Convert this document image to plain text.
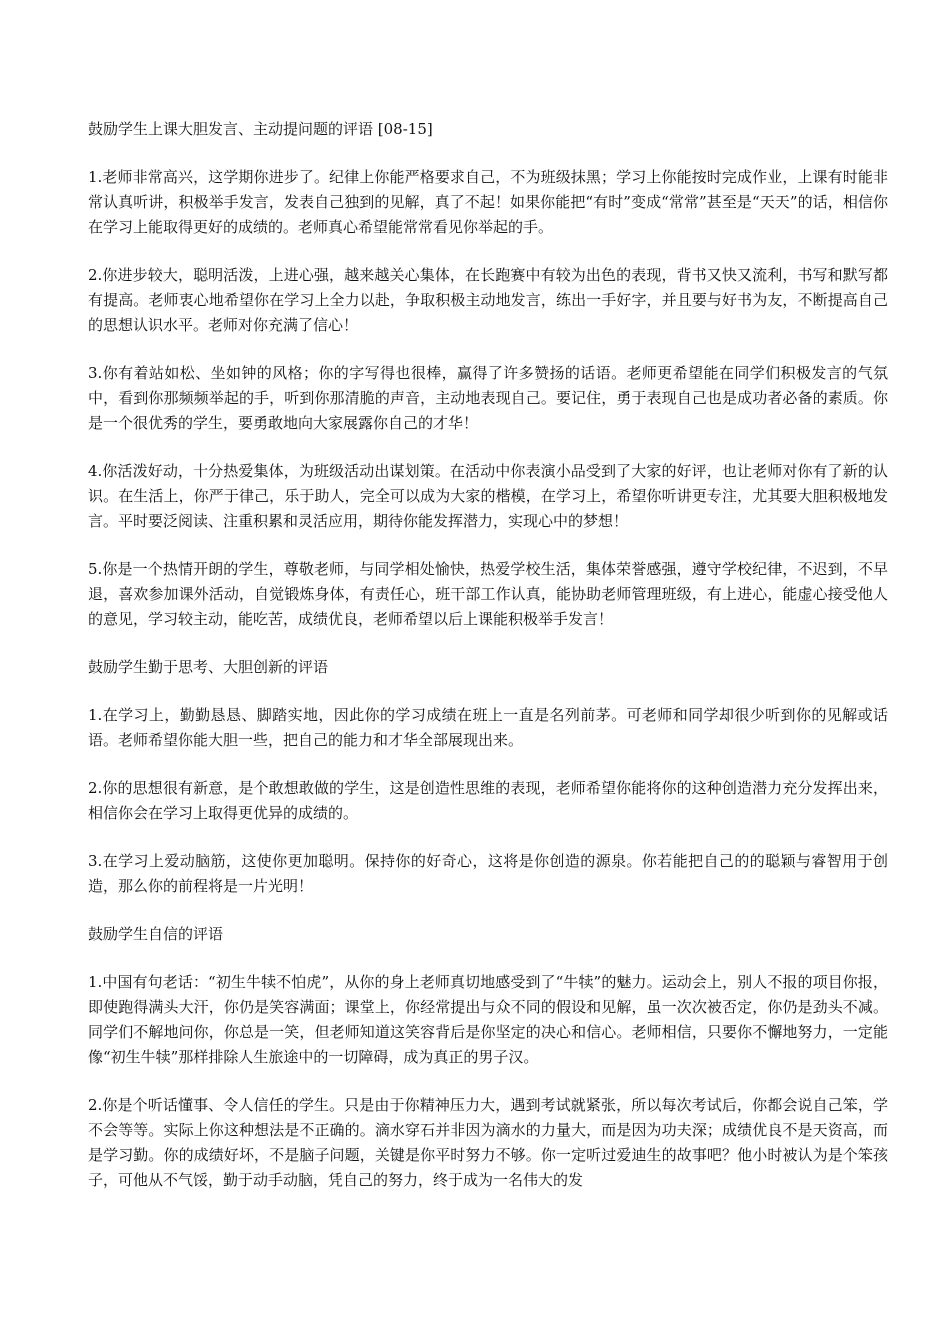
鼓励学生上课大胆发言、主动提问题的评语 [08-15]

1.老师非常高兴，这学期你进步了。纪律上你能严格要求自己，不为班级抹黑；学习上你能按时完成作业，上课有时能非常认真听讲，积极举手发言，发表自己独到的见解，真了不起！如果你能把“有时”变成“常常”甚至是“天天”的话，相信你在学习上能取得更好的成绩的。老师真心希望能常常看见你举起的手。

2.你进步较大，聪明活泼，上进心强，越来越关心集体，在长跑赛中有较为出色的表现，背书又快又流利，书写和默写都有提高。老师衷心地希望你在学习上全力以赴，争取积极主动地发言，练出一手好字，并且要与好书为友，不断提高自己的思想认识水平。老师对你充满了信心！

3.你有着站如松、坐如钟的风格；你的字写得也很棒，赢得了许多赞扬的话语。老师更希望能在同学们积极发言的气氛中，看到你那频频举起的手，听到你那清脆的声音，主动地表现自己。要记住，勇于表现自己也是成功者必备的素质。你是一个很优秀的学生，要勇敢地向大家展露你自己的才华！

4.你活泼好动，十分热爱集体，为班级活动出谋划策。在活动中你表演小品受到了大家的好评，也让老师对你有了新的认识。在生活上，你严于律己，乐于助人，完全可以成为大家的楷模，在学习上，希望你听讲更专注，尤其要大胆积极地发言。平时要泛阅读、注重积累和灵活应用，期待你能发挥潜力，实现心中的梦想！

5.你是一个热情开朗的学生，尊敬老师，与同学相处愉快，热爱学校生活，集体荣誉感强，遵守学校纪律，不迟到，不早退，喜欢参加课外活动，自觉锻炼身体，有责任心，班干部工作认真，能协助老师管理班级，有上进心，能虚心接受他人的意见，学习较主动，能吃苦，成绩优良，老师希望以后上课能积极举手发言！

鼓励学生勤于思考、大胆创新的评语

1.在学习上，勤勤恳恳、脚踏实地，因此你的学习成绩在班上一直是名列前茅。可老师和同学却很少听到你的见解或话语。老师希望你能大胆一些，把自己的能力和才华全部展现出来。

2.你的思想很有新意，是个敢想敢做的学生，这是创造性思维的表现，老师希望你能将你的这种创造潜力充分发挥出来，相信你会在学习上取得更优异的成绩的。

3.在学习上爱动脑筋，这使你更加聪明。保持你的好奇心，这将是你创造的源泉。你若能把自己的的聪颖与睿智用于创造，那么你的前程将是一片光明！

鼓励学生自信的评语

1.中国有句老话：“初生牛犊不怕虎”，从你的身上老师真切地感受到了“牛犊”的魅力。运动会上，别人不报的项目你报，即使跑得满头大汗，你仍是笑容满面；课堂上，你经常提出与众不同的假设和见解，虽一次次被否定，你仍是劲头不减。同学们不解地问你，你总是一笑，但老师知道这笑容背后是你坚定的决心和信心。老师相信，只要你不懈地努力，一定能像“初生牛犊”那样排除人生旅途中的一切障碍，成为真正的男子汉。

2.你是个听话懂事、令人信任的学生。只是由于你精神压力大，遇到考试就紧张，所以每次考试后，你都会说自己笨，学不会等等。实际上你这种想法是不正确的。滴水穿石并非因为滴水的力量大，而是因为功夫深；成绩优良不是天资高，而是学习勤。你的成绩好坏，不是脑子问题，关键是你平时努力不够。你一定听过爱迪生的故事吧？他小时被认为是个笨孩子，可他从不气馁，勤于动手动脑，凭自己的努力，终于成为一名伟大的发
